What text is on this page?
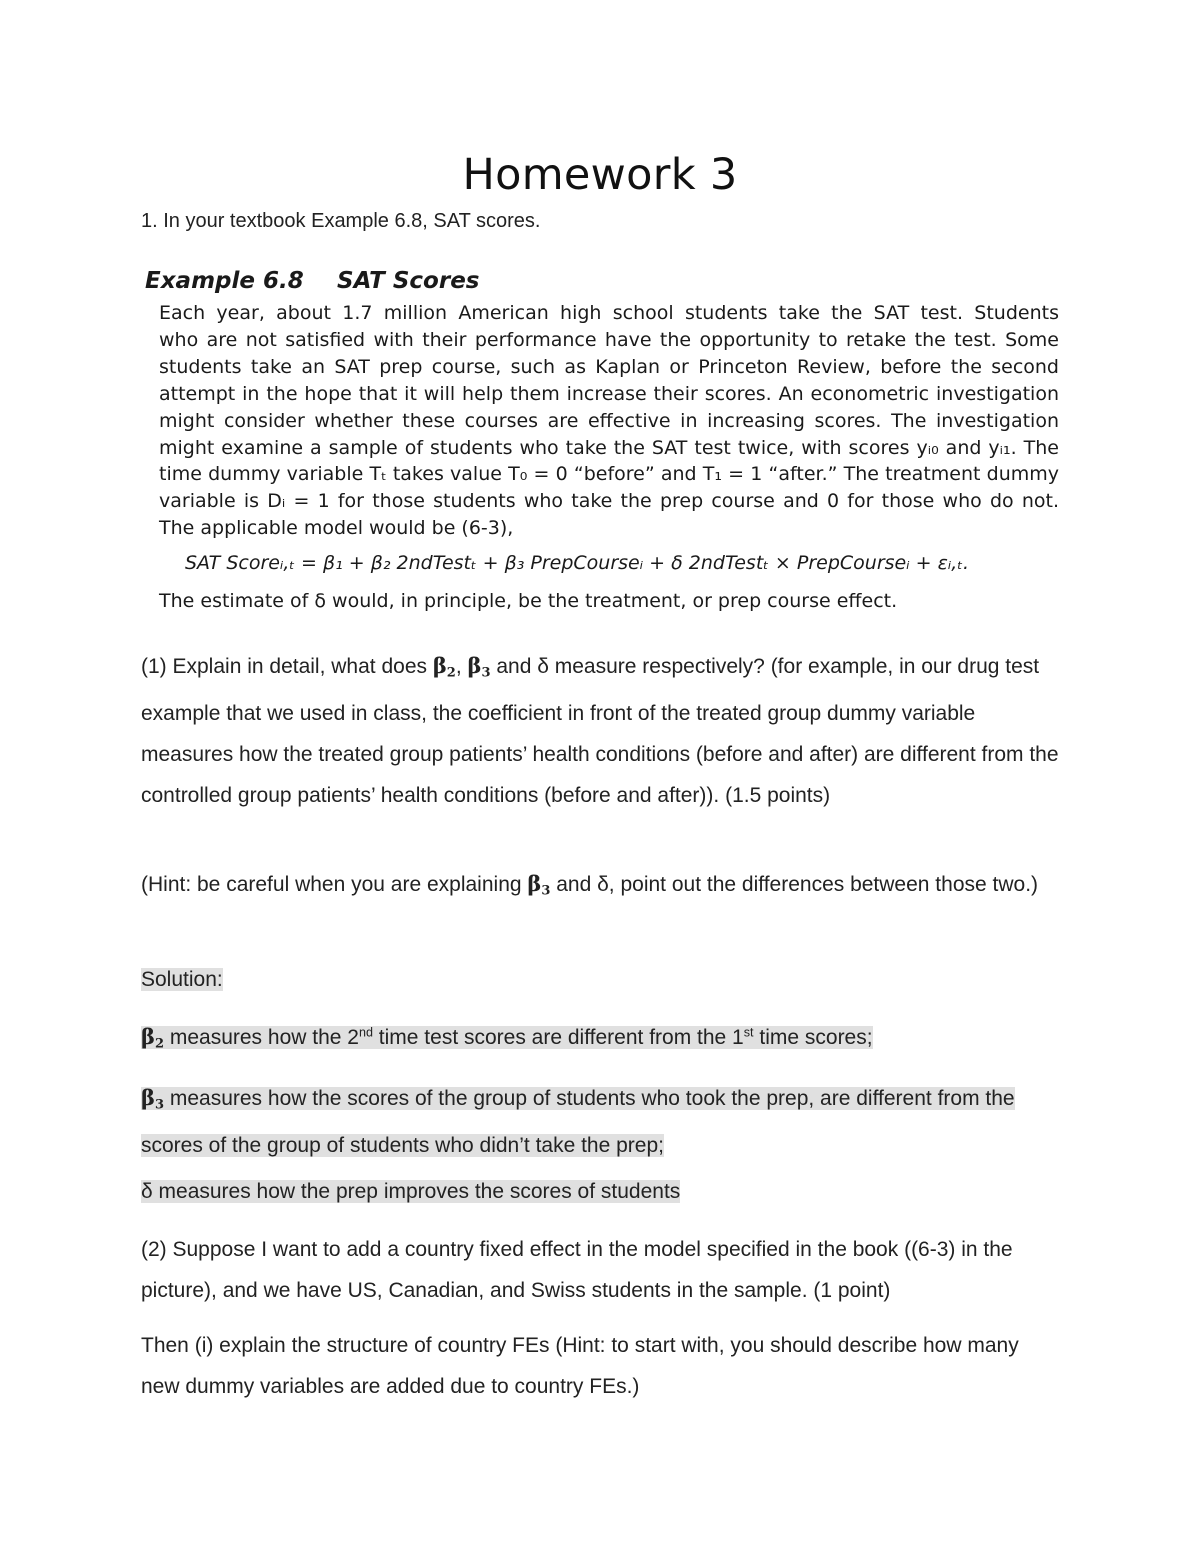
Homework 3
1. In your textbook Example 6.8, SAT scores.
Example 6.8 SAT Scores
Each year, about 1.7 million American high school students take the SAT test. Students
who are not satisfied with their performance have the opportunity to retake the test. Some
students take an SAT prep course, such as Kaplan or Princeton Review, before the second
attempt in the hope that it will help them increase their scores. An econometric investigation
might consider whether these courses are effective in increasing scores. The investigation
might examine a sample of students who take the SAT test twice, with scores yᵢ₀ and yᵢ₁. The
time dummy variable Tₜ takes value T₀ = 0 “before” and T₁ = 1 “after.” The treatment dummy
variable is Dᵢ = 1 for those students who take the prep course and 0 for those who do not.
The applicable model would be (6-3),
SAT Scoreᵢ,ₜ = β₁ + β₂ 2ndTestₜ + β₃ PrepCourseᵢ + δ 2ndTestₜ × PrepCourseᵢ + εᵢ,ₜ.
The estimate of δ would, in principle, be the treatment, or prep course effect.
(1) Explain in detail, what does $\beta_2$, $\beta_3$ and δ measure respectively? (for example, in our drug test example that we used in class, the coefficient in front of the treated group dummy variable measures how the treated group patients’ health conditions (before and after) are different from the controlled group patients’ health conditions (before and after)). (1.5 points)
(Hint: be careful when you are explaining $\beta_3$ and δ, point out the differences between those two.)
Solution:
$\beta_2$ measures how the 2nd time test scores are different from the 1st time scores;
$\beta_3$ measures how the scores of the group of students who took the prep, are different from the scores of the group of students who didn’t take the prep;
δ measures how the prep improves the scores of students
(2) Suppose I want to add a country fixed effect in the model specified in the book ((6-3) in the picture), and we have US, Canadian, and Swiss students in the sample. (1 point)
Then (i) explain the structure of country FEs (Hint: to start with, you should describe how many new dummy variables are added due to country FEs.)
